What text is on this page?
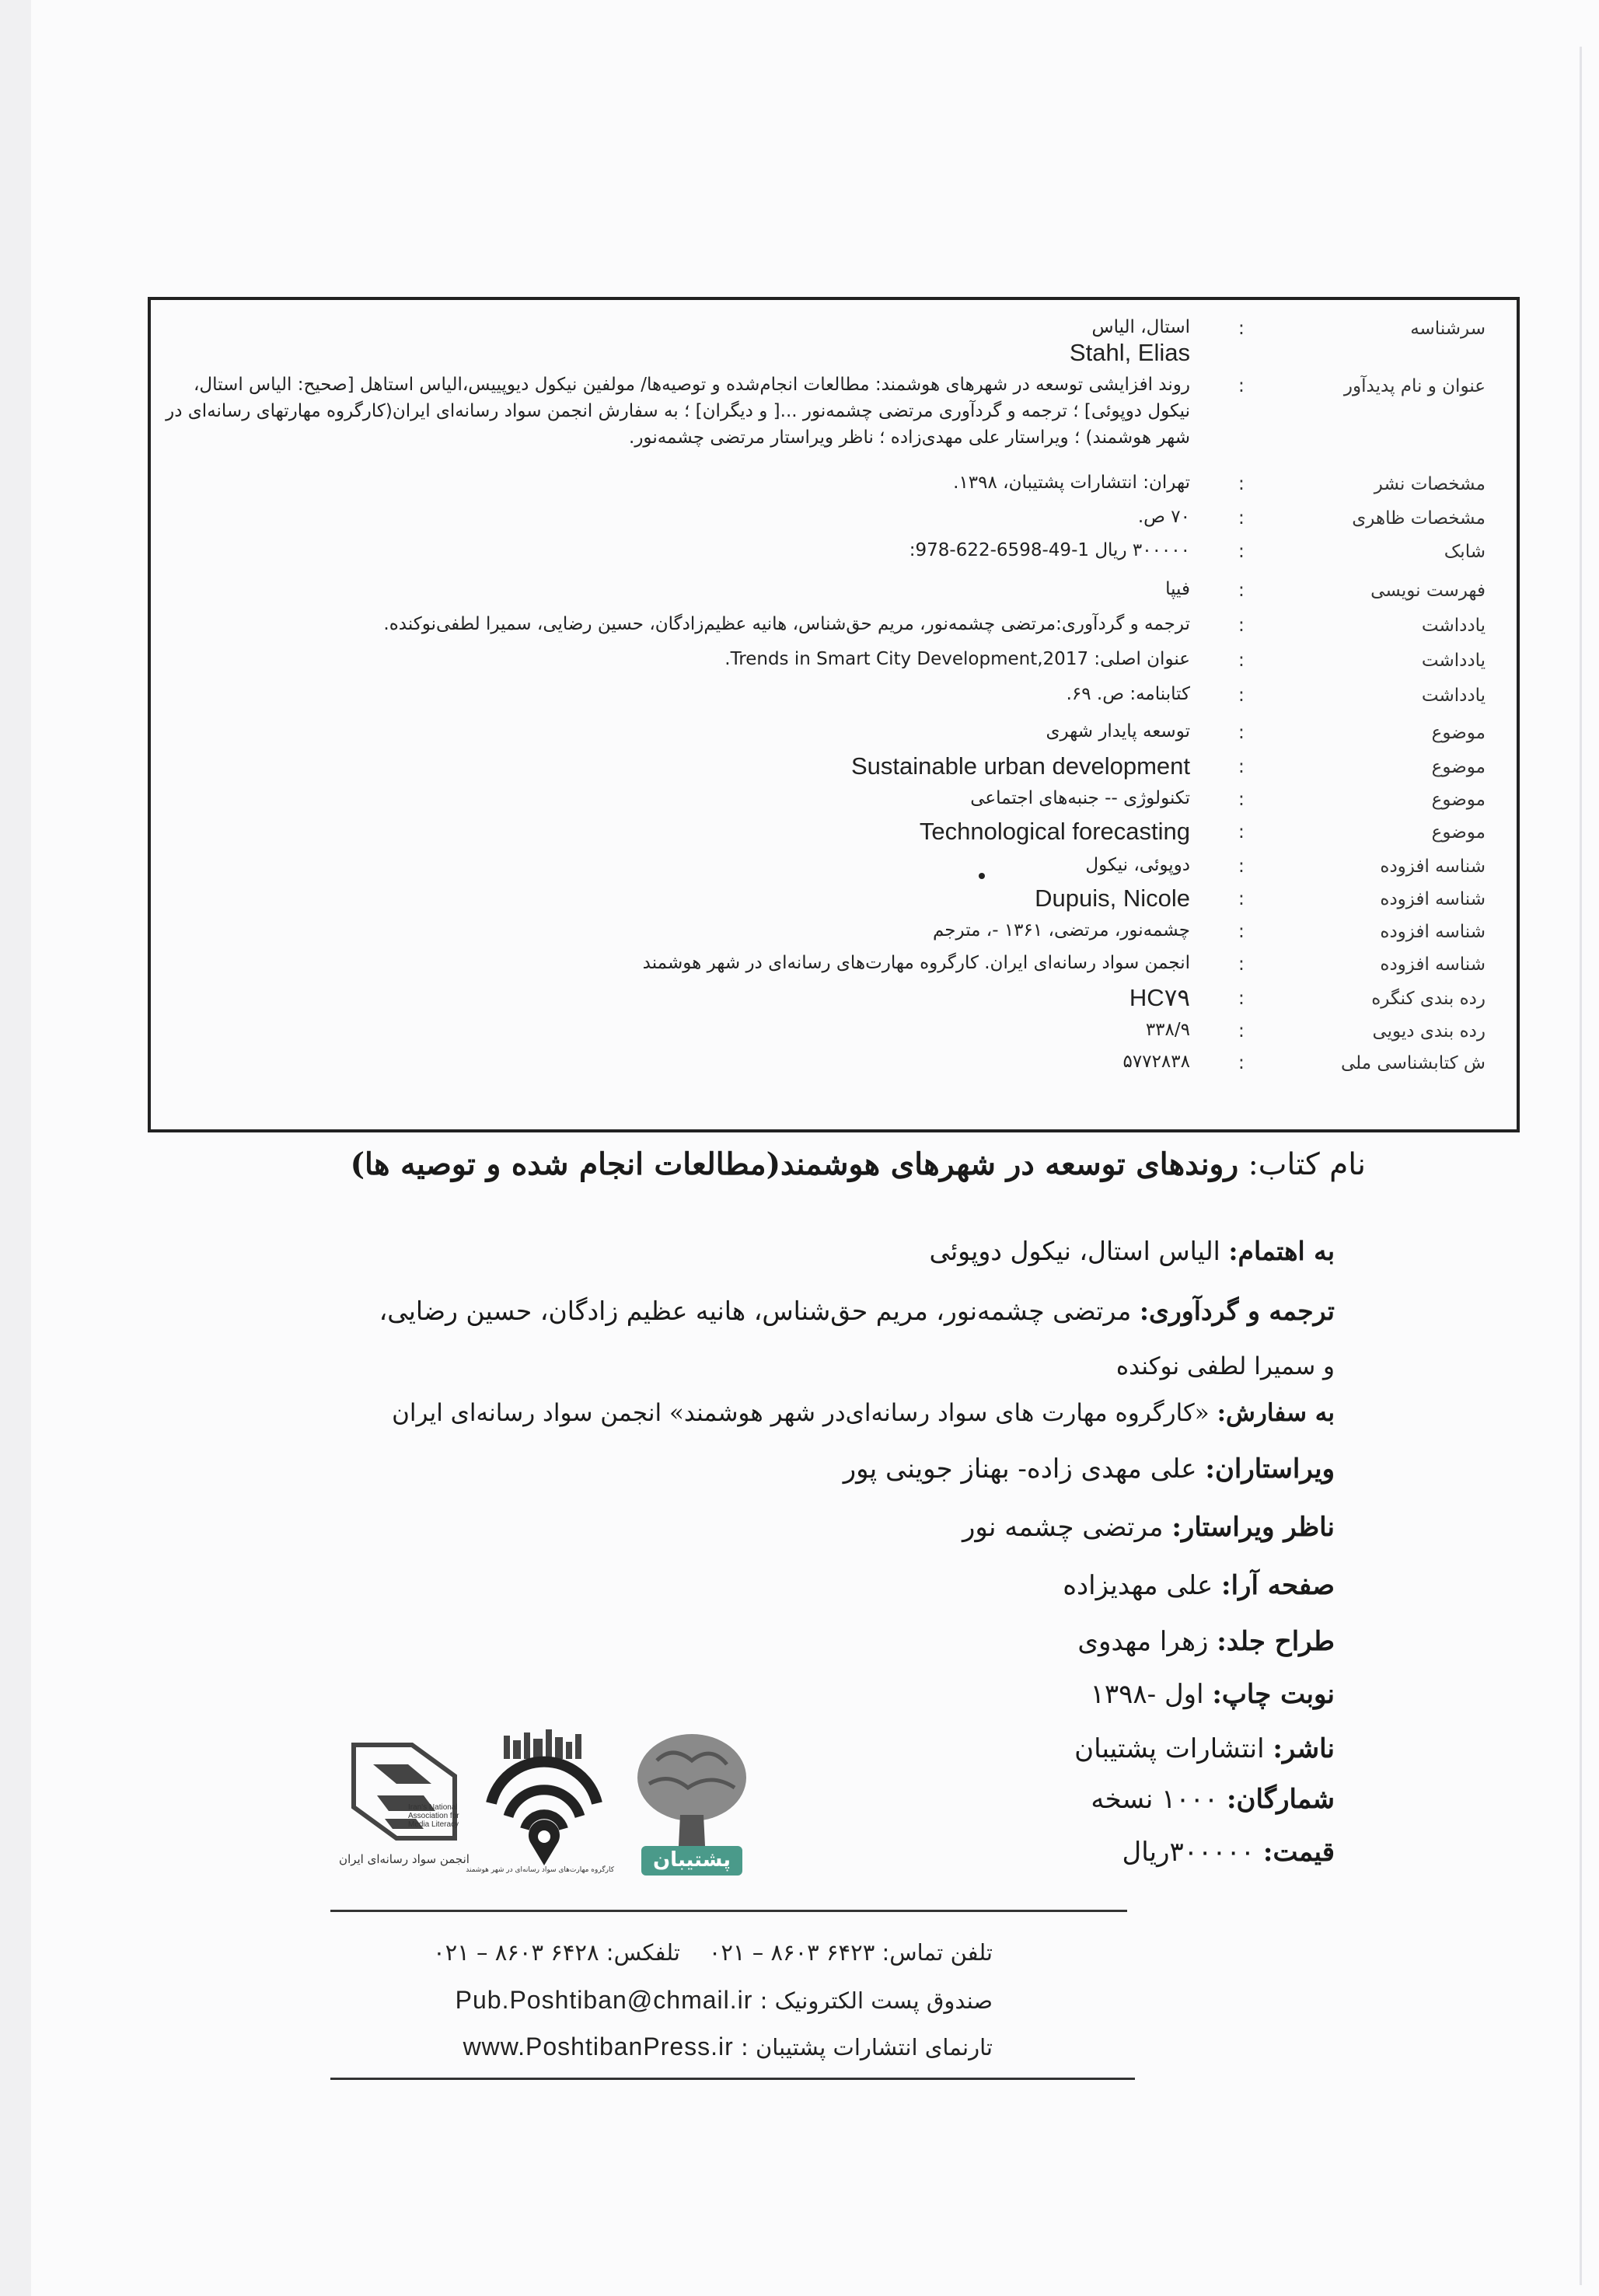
سرشناسه
:
استال، الیاس
Stahl, Elias
عنوان و نام پدیدآور
:
روند افزایشی توسعه در شهرهای هوشمند: مطالعات انجام‌شده و توصیه‌ها/ مولفین نیکول دیوپییس،الیاس استاهل [صحیح: الیاس استال، نیکول دوپوئی] ؛ ترجمه و گردآوری مرتضی چشمه‌نور ...[ و دیگران] ؛ به سفارش انجمن سواد رسانه‌ای ایران(کارگروه مهارتهای رسانه‌ای در شهر هوشمند) ؛ ویراستار علی مهدی‌زاده ؛ ناظر ویراستار مرتضی چشمه‌نور.
مشخصات نشر
:
تهران: انتشارات پشتیبان، ۱۳۹۸.
مشخصات ظاهری
:
۷۰ ص.
شابک
:
۳۰۰۰۰۰ ریال 1-49-6598-622-978:
فهرست نویسی
:
فیپا
یادداشت
:
ترجمه و گردآوری:مرتضی چشمه‌نور، مریم حق‌شناس، هانیه عظیم‌زادگان، حسین رضایی، سمیرا لطفی‌نوکنده.
یادداشت
:
عنوان اصلی: Trends in Smart City Development,2017.
یادداشت
:
کتابنامه: ص. ۶۹.
موضوع
:
توسعه پایدار شهری
موضوع
:
Sustainable urban development
موضوع
:
تکنولوژی -- جنبه‌های اجتماعی
موضوع
:
Technological forecasting
شناسه افزوده
:
دوپوئی، نیکول
شناسه افزوده
:
Dupuis, Nicole
شناسه افزوده
:
چشمه‌نور، مرتضی، ۱۳۶۱ -، مترجم
شناسه افزوده
:
انجمن سواد رسانه‌ای ایران. کارگروه مهارت‌های رسانه‌ای در شهر هوشمند
رده بندی کنگره
:
HC۷۹
رده بندی دیویی
:
۳۳۸/۹
ش کتابشناسی ملی
:
۵۷۷۲۸۳۸
نام کتاب: روندهای توسعه در شهرهای هوشمند(مطالعات انجام شده و توصیه ها)
به اهتمام: الیاس استال، نیکول دوپوئی
ترجمه و گردآوری: مرتضی چشمه‌نور، مریم حق‌شناس، هانیه عظیم زادگان، حسین رضایی،
و سمیرا لطفی نوکنده
به سفارش: «کارگروه مهارت های سواد رسانه‌ای‌در شهر هوشمند» انجمن سواد رسانه‌ای ایران
ویراستاران: علی مهدی زاده- بهناز جوینی پور
ناظر ویراستار: مرتضی چشمه نور
صفحه آرا: علی مهدیزاده
طراح جلد: زهرا مهدوی
نوبت چاپ: اول -۱۳۹۸
ناشر: انتشارات پشتیبان
شمارگان: ۱۰۰۰ نسخه
قیمت: ۳۰۰۰۰۰ریال
Iran's National Association for Media Literacy
انجمن سواد رسانه‌ای ایران
کارگروه مهارت‌های سواد رسانه‌ای در شهر هوشمند	پشتیبان
تلفن تماس: ۶۴۲۳ ۸۶۰۳ – ۰۲۱    تلفکس: ۶۴۲۸ ۸۶۰۳ – ۰۲۱
صندوق پست الکترونیک : Pub.Poshtiban@chmail.ir
تارنمای انتشارات پشتیبان : www.PoshtibanPress.ir
